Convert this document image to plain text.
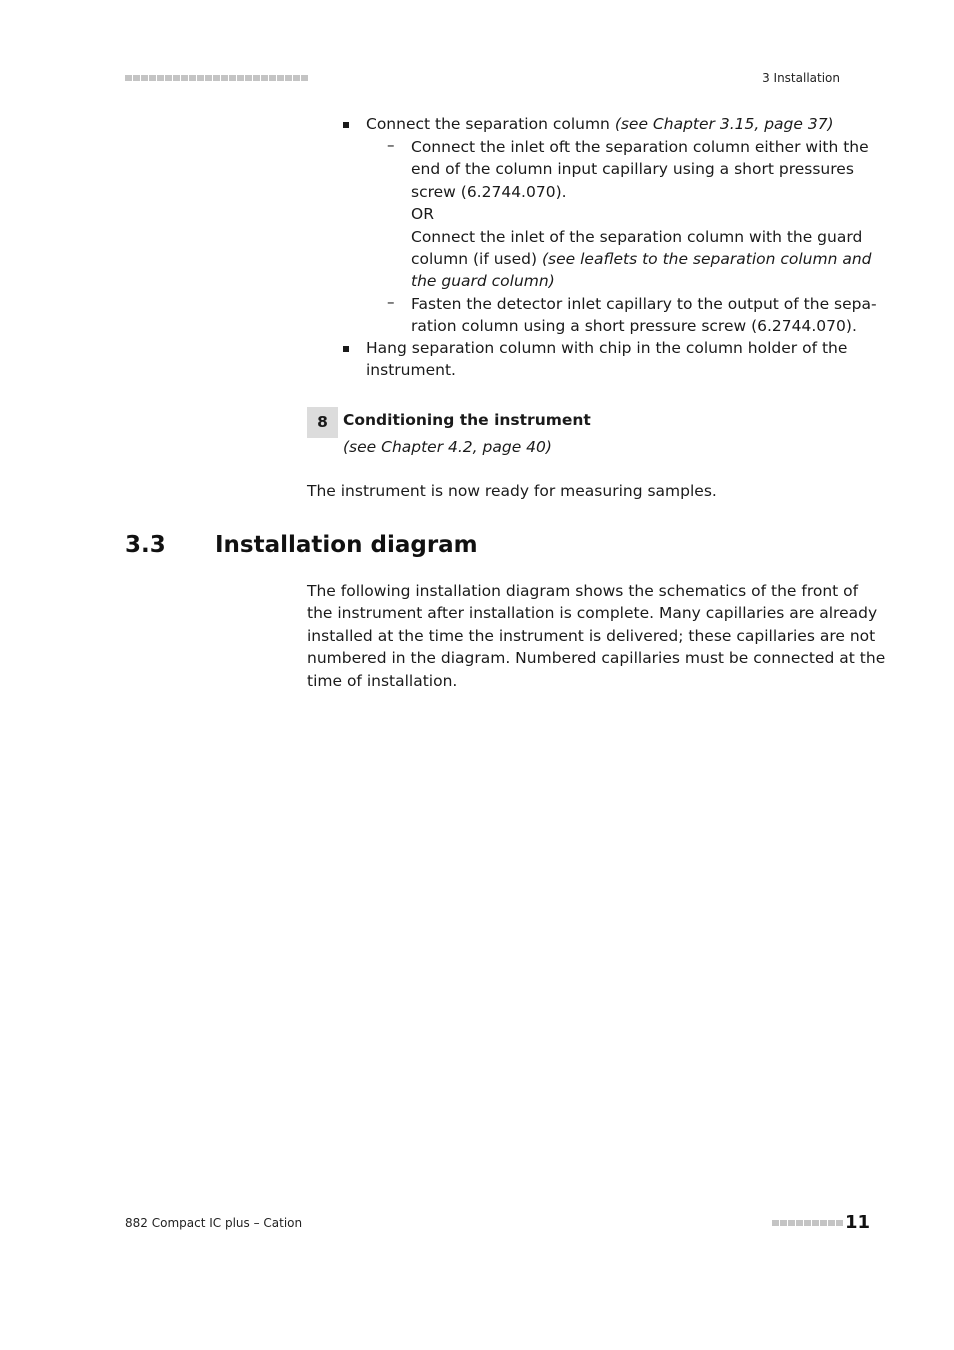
3 Installation
Connect the separation column (see Chapter 3.15, page 37)
– Connect the inlet oft the separation column either with the
end of the column input capillary using a short pressures
screw (6.2744.070).
OR
Connect the inlet of the separation column with the guard
column (if used) (see leaflets to the separation column and
the guard column)
– Fasten the detector inlet capillary to the output of the sepa-
ration column using a short pressure screw (6.2744.070).
Hang separation column with chip in the column holder of the
instrument.
8 Conditioning the instrument
(see Chapter 4.2, page 40)
The instrument is now ready for measuring samples.
3.3 Installation diagram
The following installation diagram shows the schematics of the front of
the instrument after installation is complete. Many capillaries are already
installed at the time the instrument is delivered; these capillaries are not
numbered in the diagram. Numbered capillaries must be connected at the
time of installation.
882 Compact IC plus – Cation	11
